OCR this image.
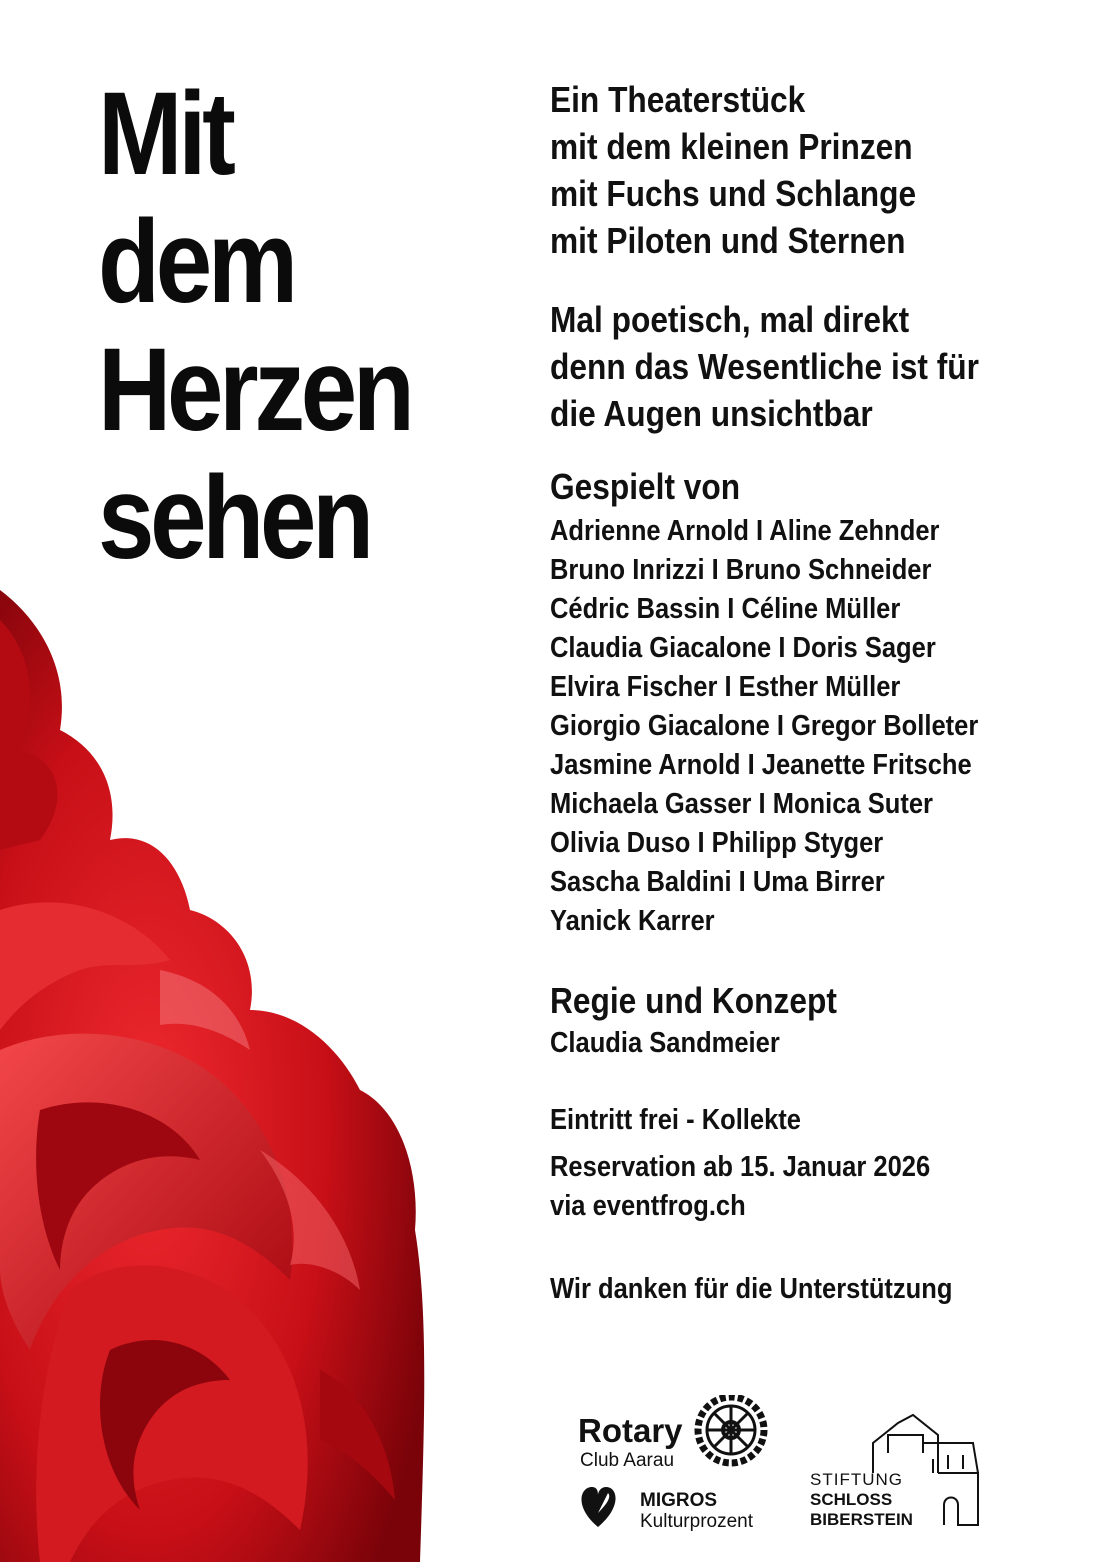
Mit
dem
Herzen
sehen
Ein Theaterstück
mit dem kleinen Prinzen
mit Fuchs und Schlange
mit Piloten und Sternen
Mal poetisch, mal direkt
denn das Wesentliche ist für
die Augen unsichtbar
Gespielt von
Adrienne Arnold I Aline Zehnder
Bruno Inrizzi I Bruno Schneider
Cédric Bassin I Céline Müller
Claudia Giacalone I Doris Sager
Elvira Fischer I Esther Müller
Giorgio Giacalone I Gregor Bolleter
Jasmine Arnold I Jeanette Fritsche
Michaela Gasser I Monica Suter
Olivia Duso I Philipp Styger
Sascha Baldini I Uma Birrer
Yanick Karrer
Regie und Konzept
Claudia Sandmeier
Eintritt frei - Kollekte
Reservation ab 15. Januar 2026
via eventfrog.ch
Wir danken für die Unterstützung
Rotary
Club Aarau
MIGROS
Kulturprozent
STIFTUNG
SCHLOSS
BIBERSTEIN
